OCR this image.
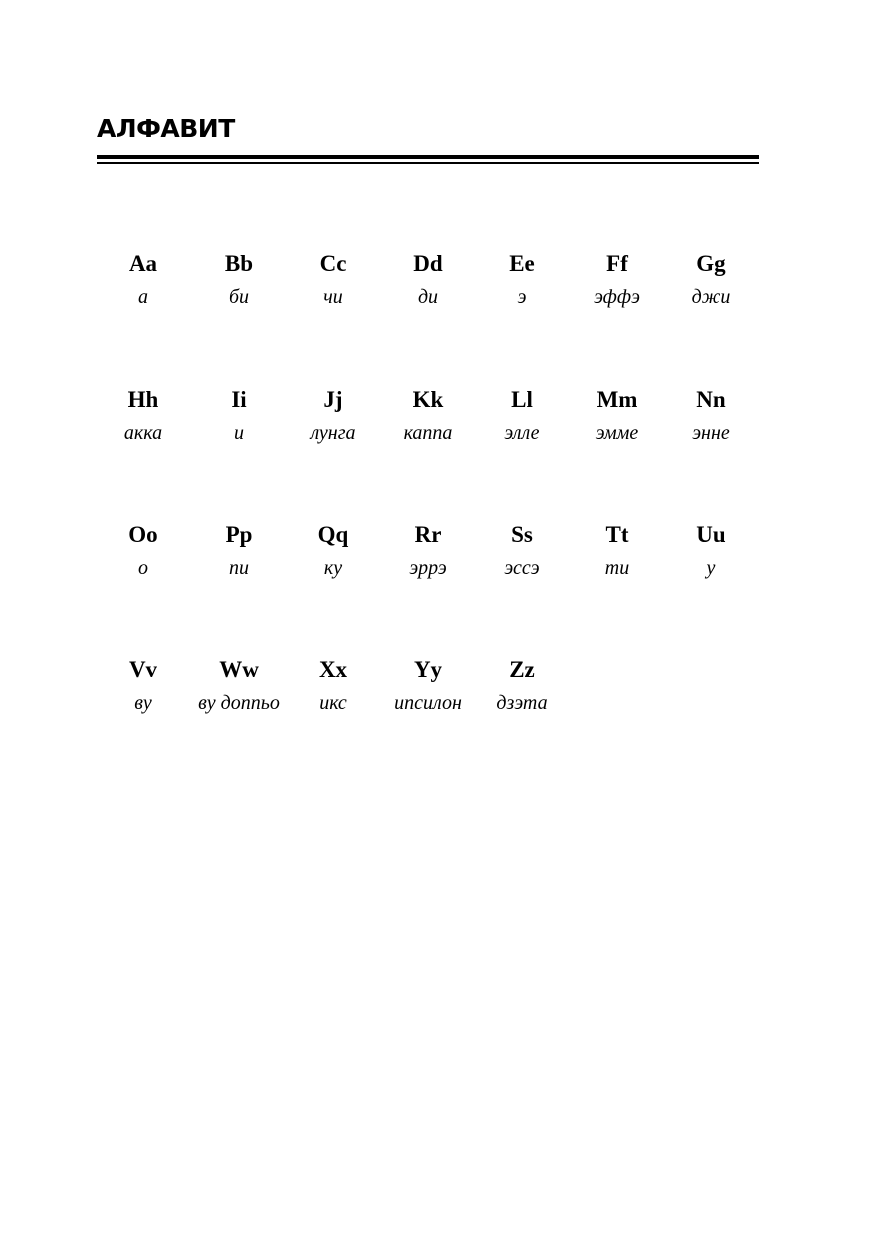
АЛФАВИТ
Aa
а
Bb
би
Cc
чи
Dd
ди
Ee
э
Ff
эффэ
Gg
джи
Hh
акка
Ii
и
Jj
лунга
Kk
каппа
Ll
элле
Mm
эмме
Nn
энне
Oo
о
Pp
пи
Qq
ку
Rr
эррэ
Ss
эссэ
Tt
ти
Uu
у
Vv
ву
Ww
ву доппьо
Xx
икс
Yy
ипсилон
Zz
дзэта
